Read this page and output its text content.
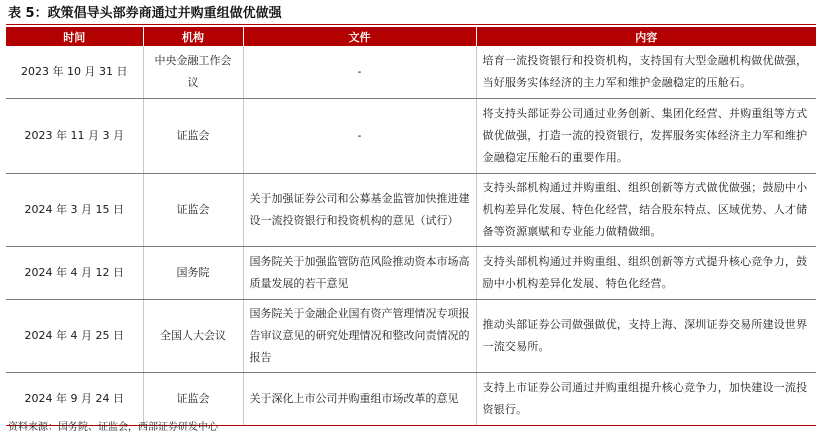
表 5：政策倡导头部券商通过并购重组做优做强
时间	机构	文件	内容
2023 年 10 月 31 日	中央金融工作会议	-	培育一流投资银行和投资机构，支持国有大型金融机构做优做强，当好服务实体经济的主力军和维护金融稳定的压舱石。
2023 年 11 月 3 月	证监会	-	将支持头部证券公司通过业务创新、集团化经营、并购重组等方式做优做强，打造一流的投资银行，发挥服务实体经济主力军和维护金融稳定压舱石的重要作用。
2024 年 3 月 15 日	证监会	关于加强证券公司和公募基金监管加快推进建设一流投资银行和投资机构的意见（试行）	支持头部机构通过并购重组、组织创新等方式做优做强；鼓励中小机构差异化发展、特色化经营，结合股东特点、区域优势、人才储备等资源禀赋和专业能力做精做细。
2024 年 4 月 12 日	国务院	国务院关于加强监管防范风险推动资本市场高质量发展的若干意见	支持头部机构通过并购重组、组织创新等方式提升核心竞争力，鼓励中小机构差异化发展、特色化经营。
2024 年 4 月 25 日	全国人大会议	国务院关于金融企业国有资产管理情况专项报告审议意见的研究处理情况和整改问责情况的报告	推动头部证券公司做强做优，支持上海、深圳证券交易所建设世界一流交易所。
2024 年 9 月 24 日	证监会	关于深化上市公司并购重组市场改革的意见	支持上市证券公司通过并购重组提升核心竞争力，加快建设一流投资银行。
资料来源：国务院、证监会，西部证券研发中心
